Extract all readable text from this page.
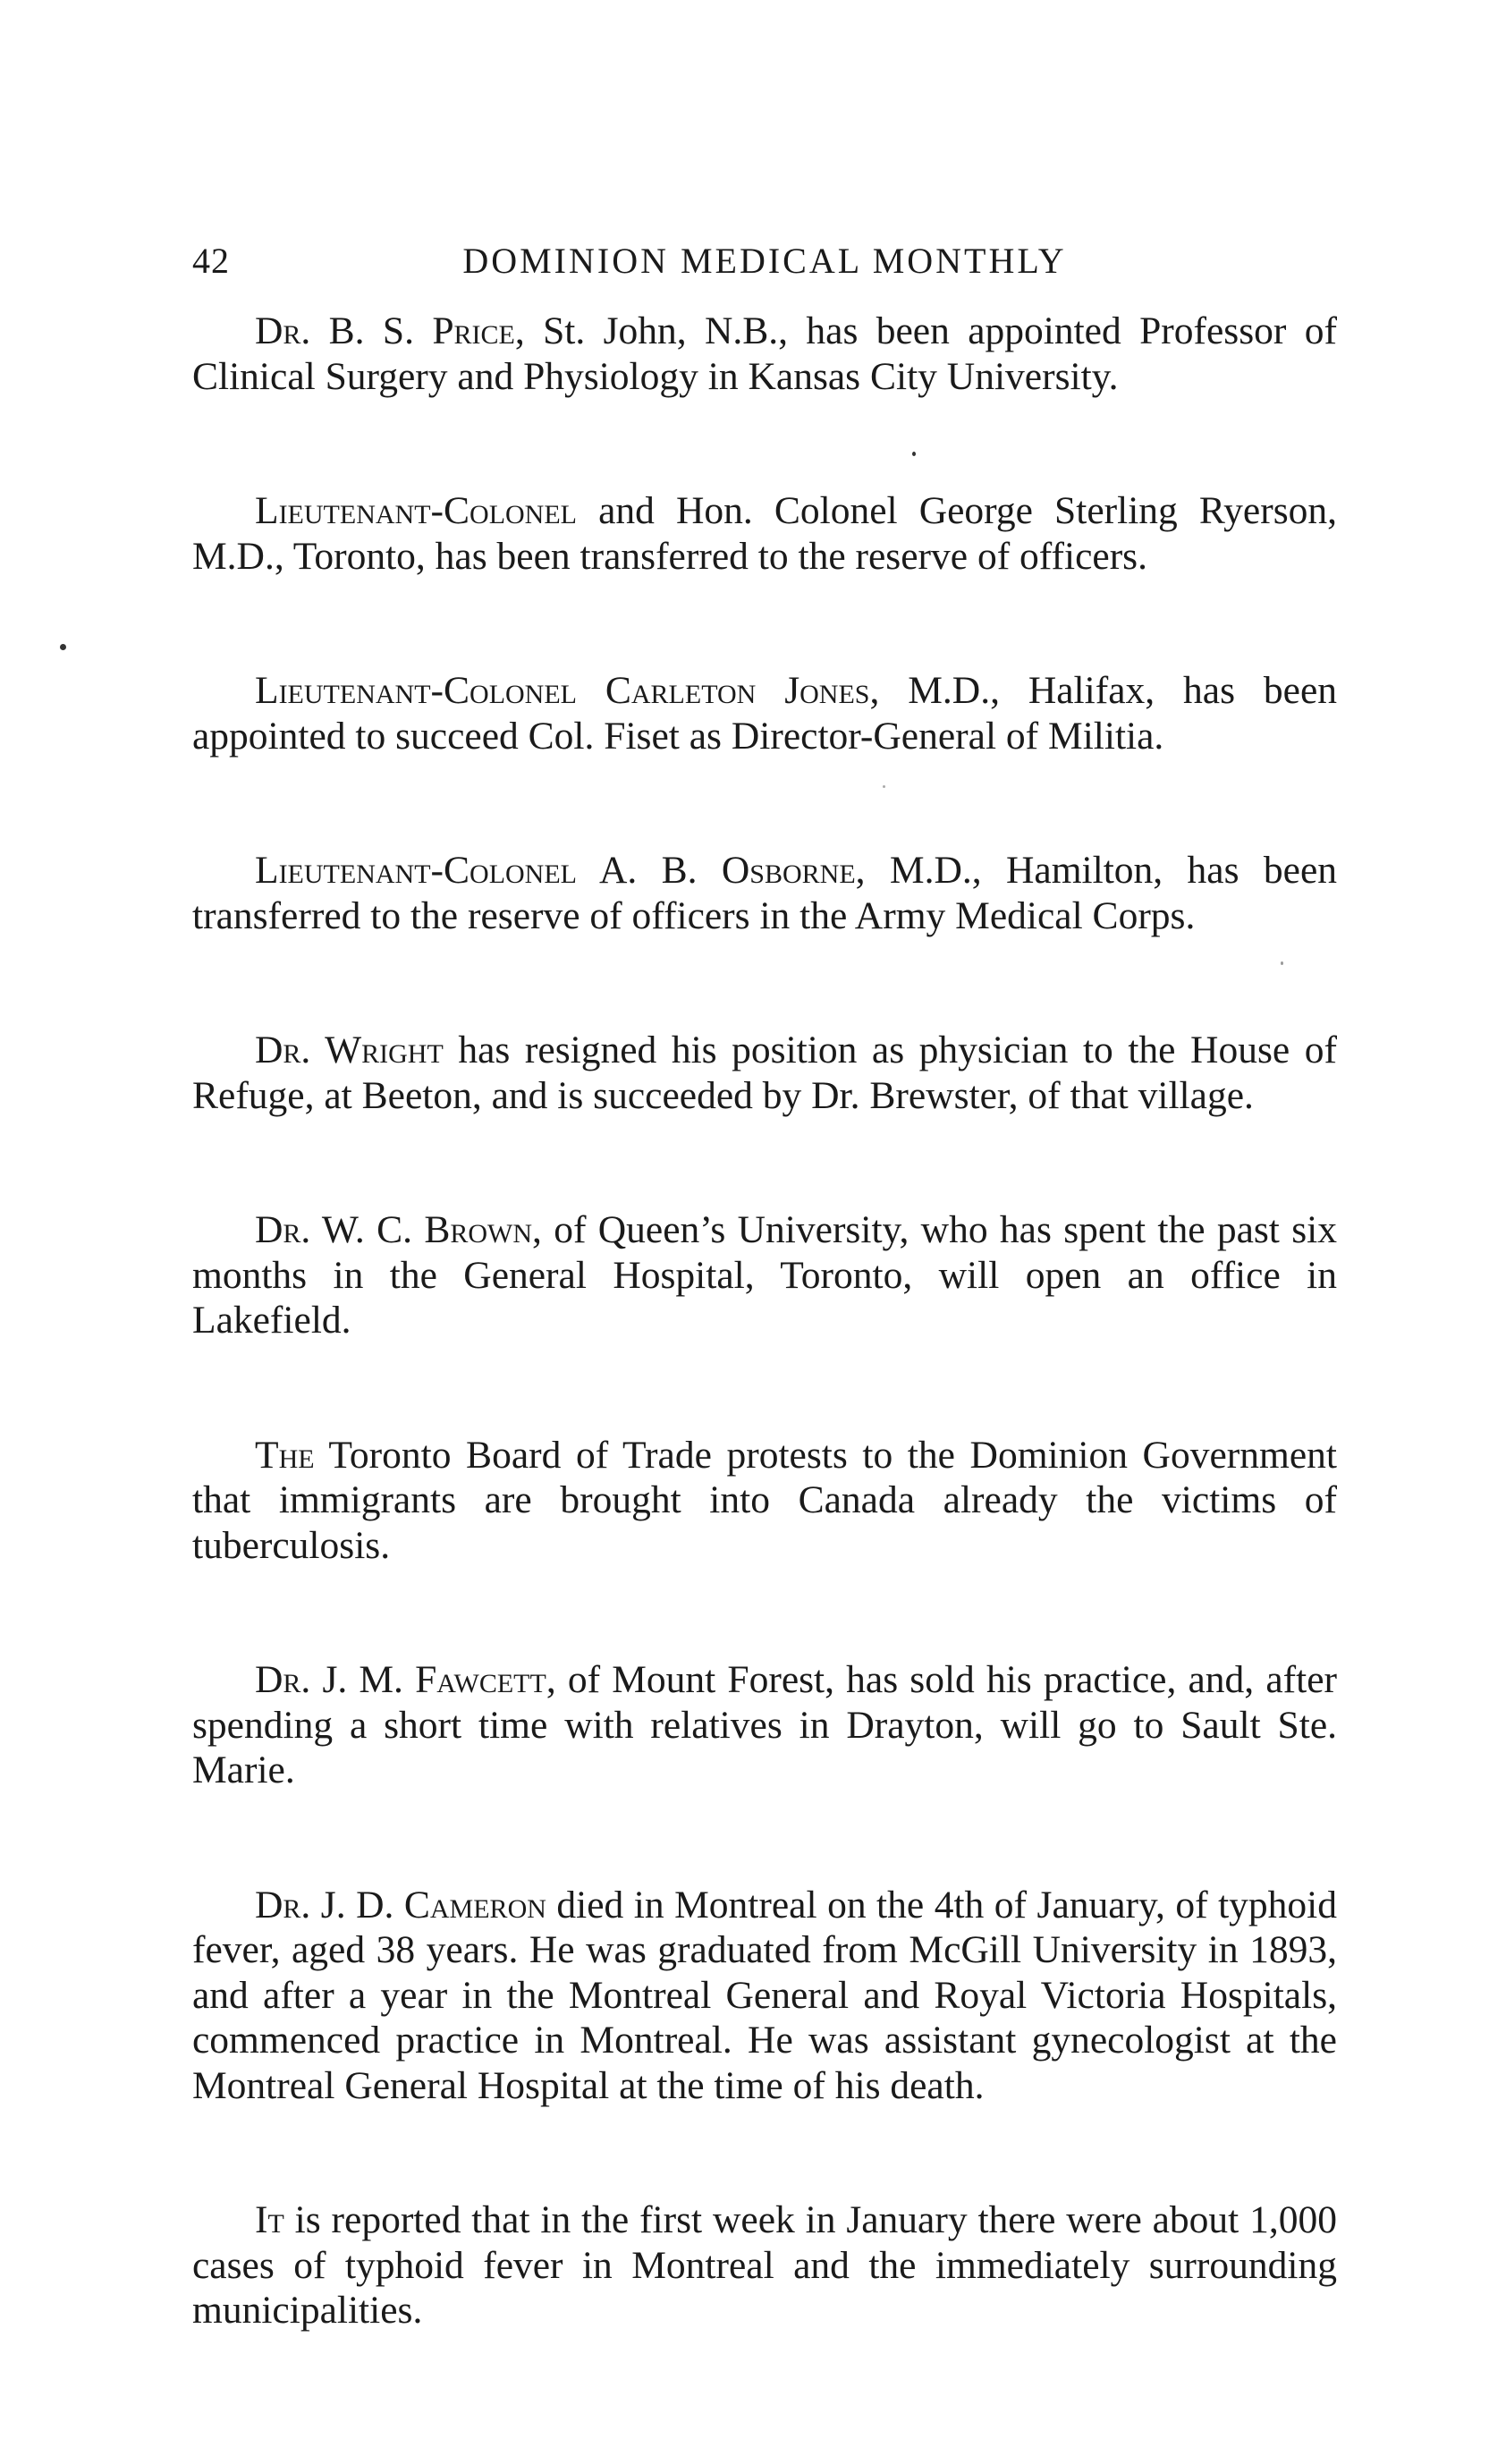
42	DOMINION MEDICAL MONTHLY

Dr. B. S. Price, St. John, N.B., has been appointed Professor of Clinical Surgery and Physiology in Kansas City University.

Lieutenant-Colonel and Hon. Colonel George Sterling Ryerson, M.D., Toronto, has been transferred to the reserve of officers.

Lieutenant-Colonel Carleton Jones, M.D., Halifax, has been appointed to succeed Col. Fiset as Director-General of Militia.

Lieutenant-Colonel A. B. Osborne, M.D., Hamilton, has been transferred to the reserve of officers in the Army Medical Corps.

Dr. Wright has resigned his position as physician to the House of Refuge, at Beeton, and is succeeded by Dr. Brewster, of that village.

Dr. W. C. Brown, of Queen’s University, who has spent the past six months in the General Hospital, Toronto, will open an office in Lakefield.

The Toronto Board of Trade protests to the Dominion Government that immigrants are brought into Canada already the victims of tuberculosis.

Dr. J. M. Fawcett, of Mount Forest, has sold his practice, and, after spending a short time with relatives in Drayton, will go to Sault Ste. Marie.

Dr. J. D. Cameron died in Montreal on the 4th of January, of typhoid fever, aged 38 years. He was graduated from McGill University in 1893, and after a year in the Montreal General and Royal Victoria Hospitals, commenced practice in Montreal. He was assistant gynecologist at the Montreal General Hospital at the time of his death.

It is reported that in the first week in January there were about 1,000 cases of typhoid fever in Montreal and the immediately surrounding municipalities.
